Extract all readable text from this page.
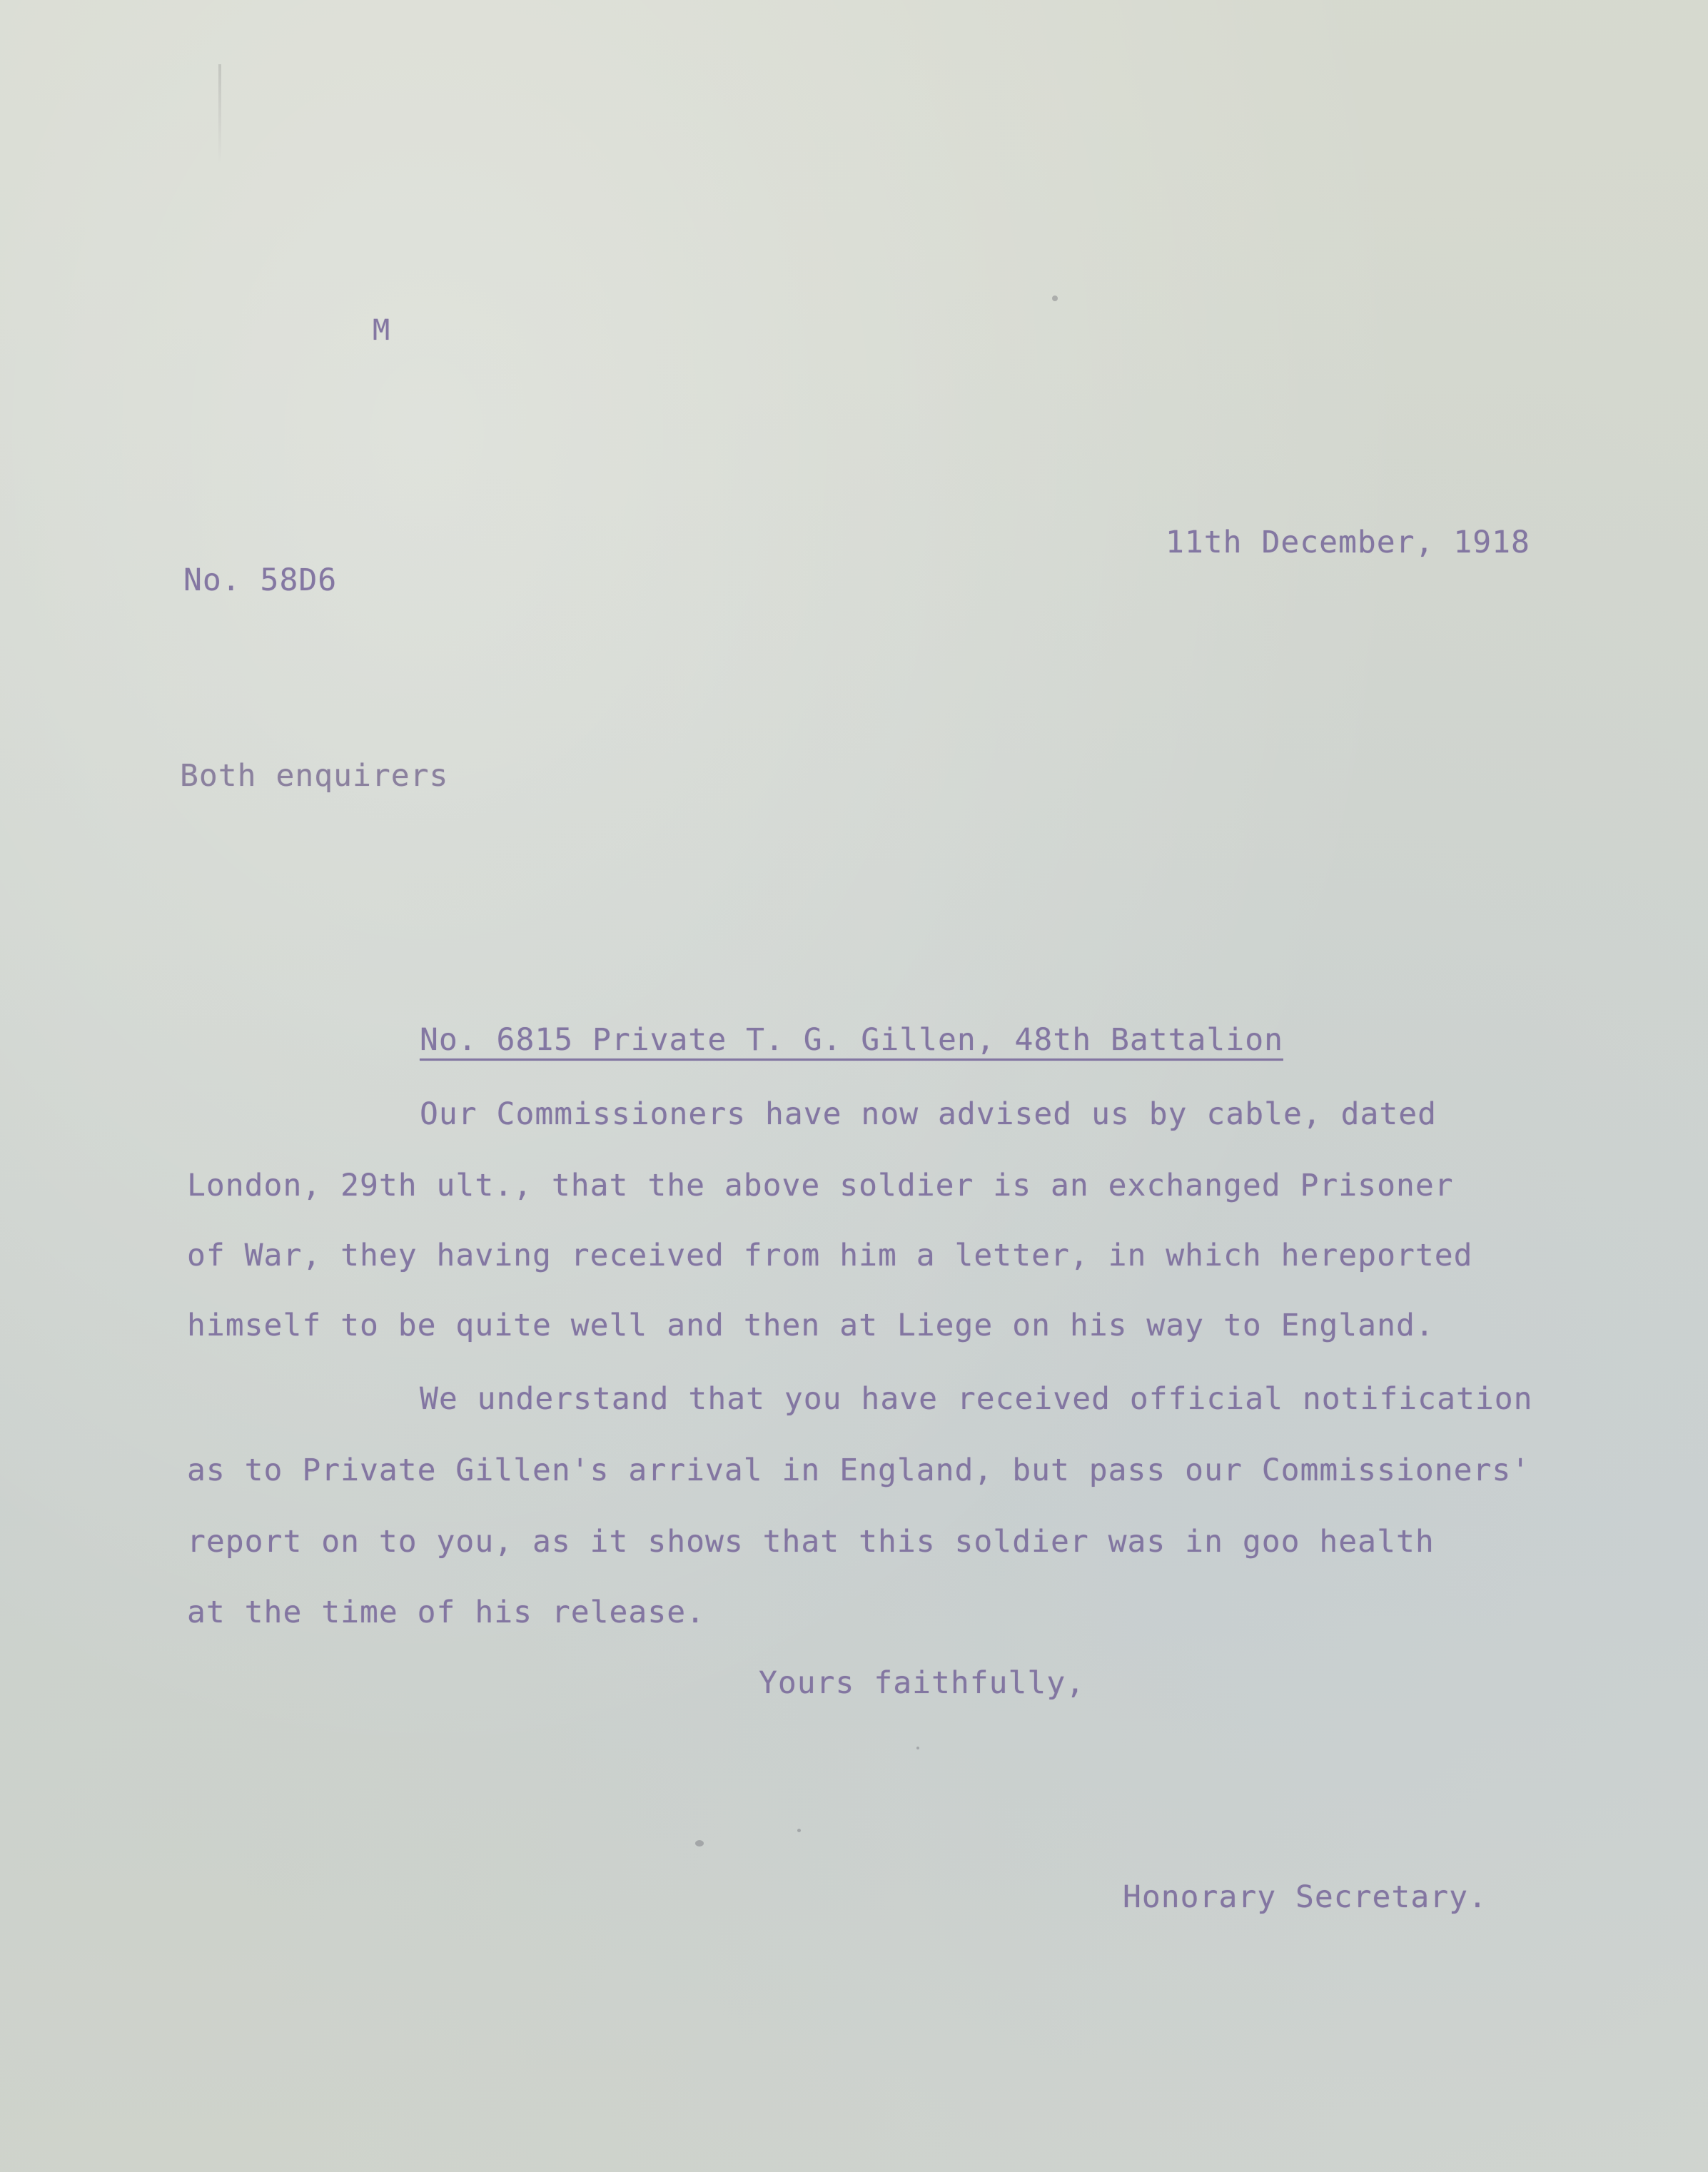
M
11th December, 1918
No. 58D6
Both enquirers
No. 6815 Private T. G. Gillen, 48th Battalion
Our Commissioners have now advised us by cable, dated
London, 29th ult., that the above soldier is an exchanged Prisoner
of War, they having received from him a letter, in which hereported
himself to be quite well and then at Liege on his way to England.
We understand that you have received official notification
as to Private Gillen's arrival in England, but pass our Commissioners'
report on to you, as it shows that this soldier was in goo health
at the time of his release.
Yours faithfully,
Honorary Secretary.
